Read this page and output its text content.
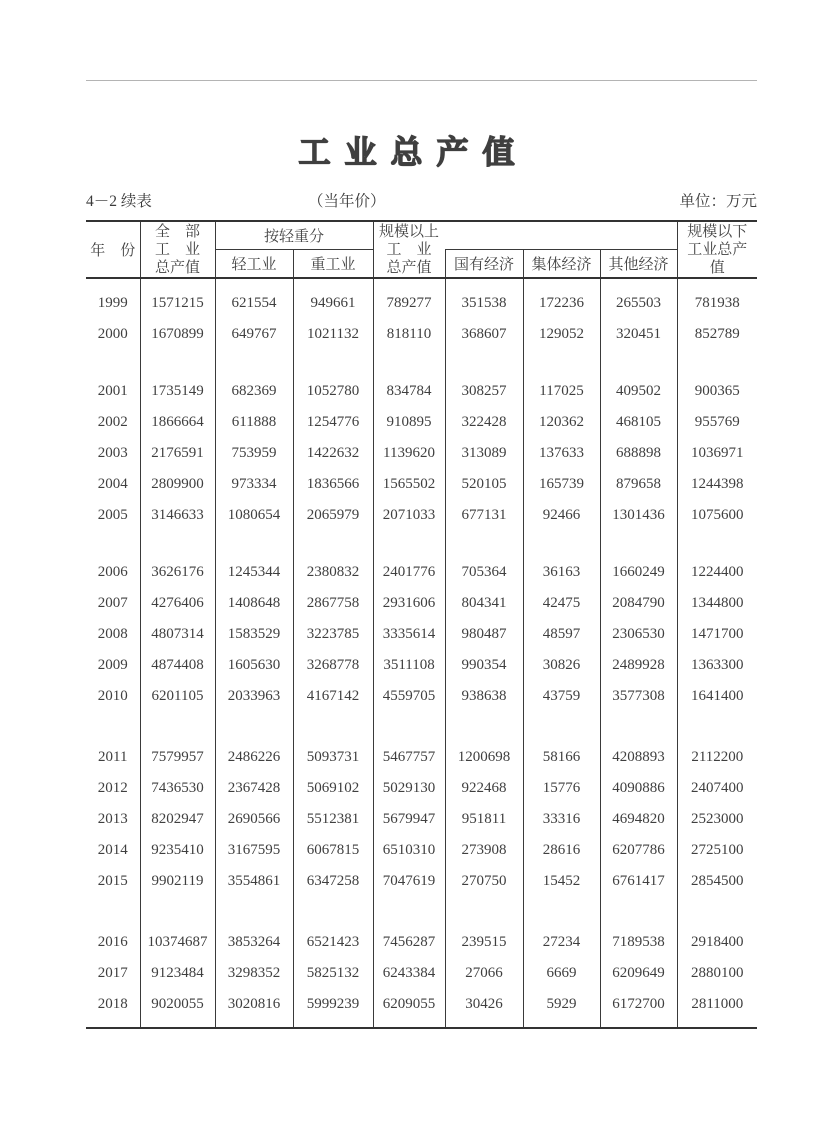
工业总产值
4－2 续表	（当年价）	单位：万元
年　份	
全　部
工　业
总产值
	按轻重分	规模以上
工　业
总产值

规模以下
工业总产
值

		轻工业	重工业		国有经济	集体经济	其他经济	

1999	1571215	621554	949661	789277	351538	172236	265503	781938
2000	1670899	649767	1021132	818110	368607	129052	320451	852789

2001	1735149	682369	1052780	834784	308257	117025	409502	900365
2002	1866664	611888	1254776	910895	322428	120362	468105	955769
2003	2176591	753959	1422632	1139620	313089	137633	688898	1036971
2004	2809900	973334	1836566	1565502	520105	165739	879658	1244398
2005	3146633	1080654	2065979	2071033	677131	92466	1301436	1075600

2006	3626176	1245344	2380832	2401776	705364	36163	1660249	1224400
2007	4276406	1408648	2867758	2931606	804341	42475	2084790	1344800
2008	4807314	1583529	3223785	3335614	980487	48597	2306530	1471700
2009	4874408	1605630	3268778	3511108	990354	30826	2489928	1363300
2010	6201105	2033963	4167142	4559705	938638	43759	3577308	1641400

2011	7579957	2486226	5093731	5467757	1200698	58166	4208893	2112200
2012	7436530	2367428	5069102	5029130	922468	15776	4090886	2407400
2013	8202947	2690566	5512381	5679947	951811	33316	4694820	2523000
2014	9235410	3167595	6067815	6510310	273908	28616	6207786	2725100
2015	9902119	3554861	6347258	7047619	270750	15452	6761417	2854500

2016	10374687	3853264	6521423	7456287	239515	27234	7189538	2918400
2017	9123484	3298352	5825132	6243384	27066	6669	6209649	2880100
2018	9020055	3020816	5999239	6209055	30426	5929	6172700	2811000
